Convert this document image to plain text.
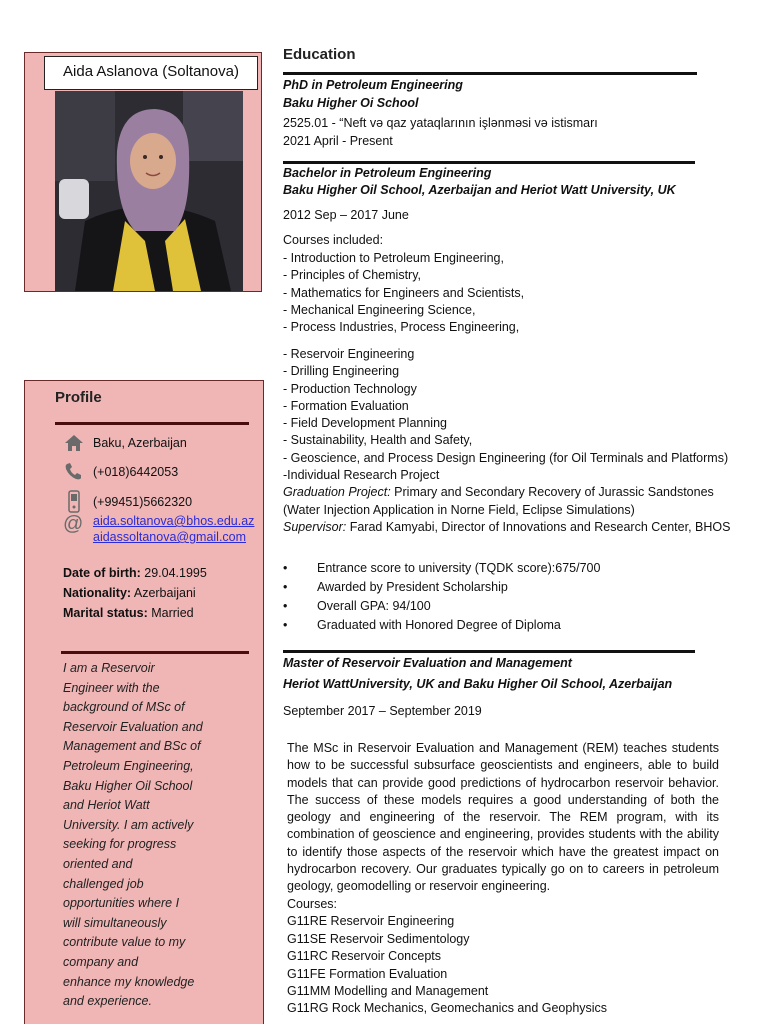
Aida Aslanova (Soltanova)
Profile
Baku, Azerbaijan
(+018)6442053
(+99451)5662320
@ aida.soltanova@bhos.edu.az
aidassoltanova@gmail.com
Date of birth: 29.04.1995
Nationality: Azerbaijani
Marital status: Married
I am a Reservoir
Engineer with the
background of MSc of
Reservoir Evaluation and
Management and BSc of
Petroleum Engineering,
Baku Higher Oil School
and Heriot Watt
University. I am actively
seeking for progress
oriented and
challenged job
opportunities where I
will simultaneously
contribute value to my
company and
enhance my knowledge
and experience.
Education
PhD in Petroleum Engineering
Baku Higher Oi School
2525.01 - “Neft və qaz yataqlarının işlənməsi və istismarı
2021 April - Present
Bachelor in Petroleum Engineering
Baku Higher Oil School, Azerbaijan and Heriot Watt University, UK
2012 Sep – 2017 June
Courses included:
- Introduction to Petroleum Engineering,
- Principles of Chemistry,
- Mathematics for Engineers and Scientists,
- Mechanical Engineering Science,
- Process Industries, Process Engineering,
- Reservoir Engineering
- Drilling Engineering
- Production Technology
- Formation Evaluation
- Field Development Planning
- Sustainability, Health and Safety,
- Geoscience, and Process Design Engineering (for Oil Terminals and Platforms)
-Individual Research Project
Graduation Project: Primary and Secondary Recovery of Jurassic Sandstones
(Water Injection Application in Norne Field, Eclipse Simulations)
Supervisor: Farad Kamyabi, Director of Innovations and Research Center, BHOS
• Entrance score to university (TQDK score):675/700
• Awarded by President Scholarship
• Overall GPA: 94/100
• Graduated with Honored Degree of Diploma
Master of Reservoir Evaluation and Management
Heriot WattUniversity, UK and Baku Higher Oil School, Azerbaijan
September 2017 – September 2019
The MSc in Reservoir Evaluation and Management (REM) teaches students how to be successful subsurface geoscientists and engineers, able to build models that can provide good predictions of hydrocarbon reservoir behavior. The success of these models requires a good understanding of both the geology and engineering of the reservoir. The REM program, with its combination of geoscience and engineering, provides students with the ability to identify those aspects of the reservoir which have the greatest impact on hydrocarbon recovery. Our graduates typically go on to careers in petroleum geology, geomodelling or reservoir engineering.
Courses:
G11RE Reservoir Engineering
G11SE Reservoir Sedimentology
G11RC Reservoir Concepts
G11FE Formation Evaluation
G11MM Modelling and Management
G11RG Rock Mechanics, Geomechanics and Geophysics
